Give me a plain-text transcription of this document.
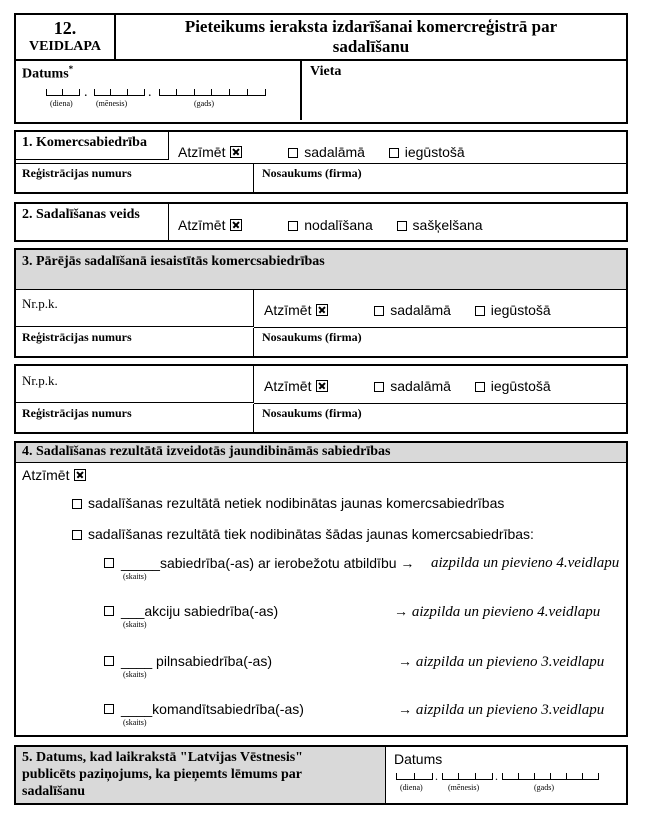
12.
VEIDLAPA
Pieteikums ieraksta izdarīšanai komercreģistrā par
sadalīšanu
Datums*
.	.
(diena)	(mēnesis)	(gads)
Vieta
1. Komercsabiedrība
Atzīmēt	sadalāmā	iegūstošā
Reģistrācijas numurs	Nosaukums (firma)
2. Sadalīšanas veids
Atzīmēt	nodalīšana	sašķelšana
3. Pārējās sadalīšanā iesaistītās komercsabiedrības
Nr.p.k.	Atzīmēt	sadalāmā	iegūstošā
Reģistrācijas numurs	Nosaukums (firma)
Nr.p.k.	Atzīmēt	sadalāmā	iegūstošā
Reģistrācijas numurs	Nosaukums (firma)
4. Sadalīšanas rezultātā izveidotās jaundibināmās sabiedrības
Atzīmēt
sadalīšanas rezultātā netiek nodibinātas jaunas komercsabiedrības
sadalīšanas rezultātā tiek nodibinātas šādas jaunas komercsabiedrības:
_____sabiedrība(-as) ar ierobežotu atbildību →
(skaits)
aizpilda un pievieno 4.veidlapu
___akciju sabiedrība(-as)
(skaits)
→ aizpilda un pievieno 4.veidlapu
____ pilnsabiedrība(-as)
(skaits)
→ aizpilda un pievieno 3.veidlapu
____komandītsabiedrība(-as)
(skaits)
→ aizpilda un pievieno 3.veidlapu
5. Datums, kad laikrakstā "Latvijas Vēstnesis"
publicēts paziņojums, ka pieņemts lēmums par
sadalīšanu
Datums
.	.
(diena)	(mēnesis)	(gads)
